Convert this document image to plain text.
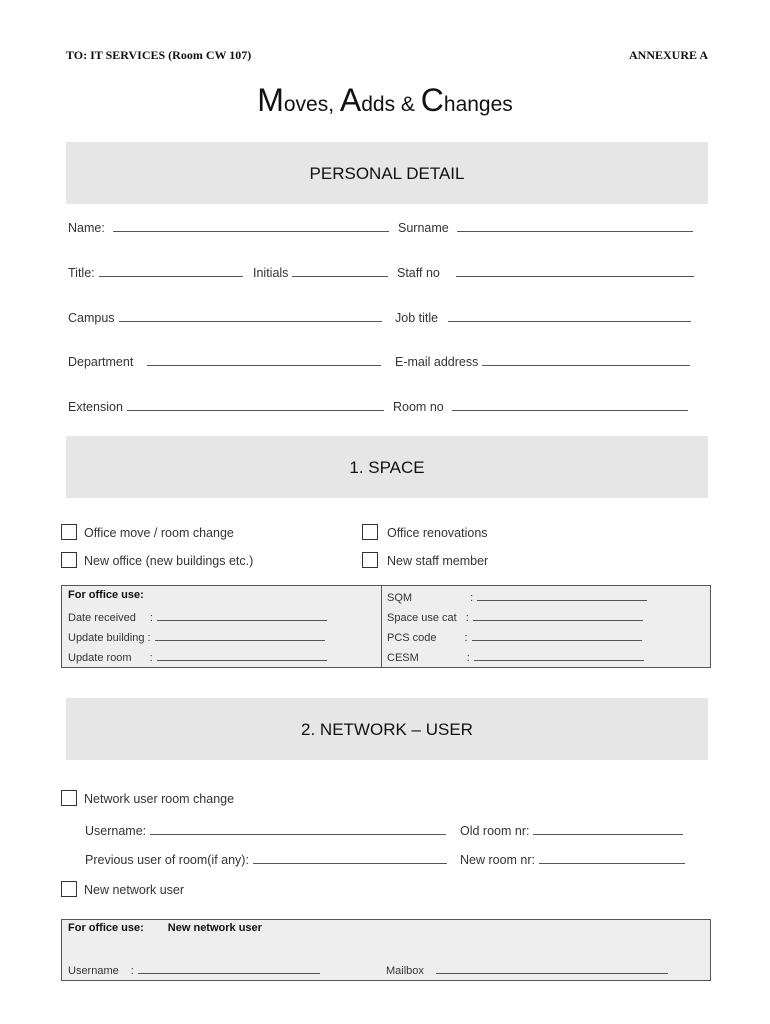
TO: IT SERVICES (Room CW 107)	ANNEXURE A
Moves, Adds & Changes
PERSONAL DETAIL
Name:	Surname
Title:	Initials	Staff no
Campus	Job title
Department	E-mail address
Extension	Room no
1. SPACE
Office move / room change	Office renovations
New office (new buildings etc.)	New staff member
For office use:
Date received :
Update building :
Update room :
SQM	:
Space use cat :
PCS code	:
CESM	:
2. NETWORK – USER
Network user room change
Username:	Old room nr:
Previous user of room(if any):	New room nr:
New network user
For office use: New network user
Username :	Mailbox
